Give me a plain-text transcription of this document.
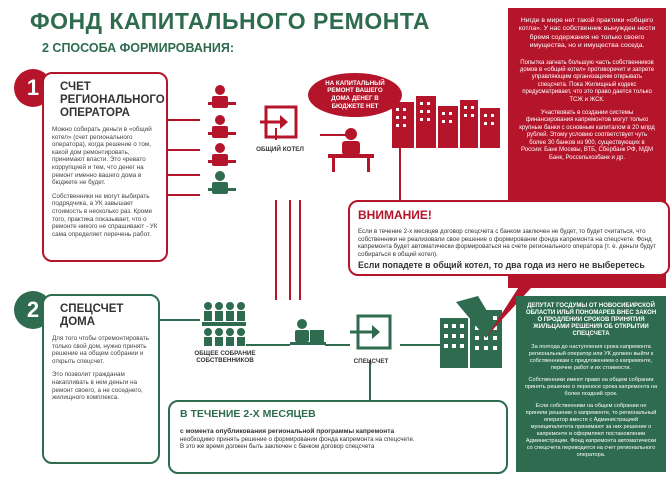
ФОНД КАПИТАЛЬНОГО РЕМОНТА
2 СПОСОБА ФОРМИРОВАНИЯ:
1	СЧЕТ РЕГИОНАЛЬНОГО ОПЕРАТОРА

Можно собирать деньги в «общий котел» (счет регионального оператора), когда решение о том, какой дом ремонтировать, принимают власти. Это чревато коррупцией и тем, что денег на ремонт именно вашего дома в бюджете не будет.

Собственники не могут выбирать подрядчика, а УК завышает стоимость в несколько раз. Кроме того, практика показывает, что о ремонте никого не спрашивают - УК сама определяет перечень работ.

ОБЩИЙ КОТЕЛ
НА КАПИТАЛЬНЫЙ РЕМОНТ ВАШЕГО ДОМА ДЕНЕГ В БЮДЖЕТЕ НЕТ

Нигде в мире нет такой практики «общего котла». У нас собственник вынужден нести бремя содержания не только своего имущества, но и имущества соседа.

Попытка загнать большую часть собственников домов в «общий котел» противоречит и запрете управляющим организациям открывать спецсчета. Пока Жилищный кодекс предусматривает, что это право дается только ТСЖ и ЖСК.

Участвовать в создании системы финансирования капремонтов могут только крупные банки с основным капиталом в 20 млрд рублей. Этому условию соответствует чуть более 30 банков из 900, существующих в России: Банк Москвы, ВТБ, Сбербанк РФ, МДМ Банк, Россельхозбанк и др.

ВНИМАНИЕ!

Если в течение 2-х месяцев договор спецсчета с банком заключен не будет, то будет считаться, что собственники не реализовали свое решение о формировании фонда капремонта на спецсчете. Фонд капремонта будет автоматически формироваться на счете регионального оператора (т. е. деньги будут собираться в общий котел).

Если попадете в общий котел, то два года из него не выберетесь

2	СПЕЦСЧЕТ ДОМА

Для того чтобы отремонтировать только свой дом, нужно принять решение на общем собрании и открыть спецсчет.

Это позволит гражданам накапливать в нем деньги на ремонт своего, а не соседнего, жилищного комплекса.

ОБЩЕЕ СОБРАНИЕ СОБСТВЕННИКОВ	СПЕЦСЧЕТ

ДЕПУТАТ ГОСДУМЫ ОТ НОВОСИБИРСКОЙ ОБЛАСТИ ИЛЬЯ ПОНОМАРЕВ ВНЕС ЗАКОН О ПРОДЛЕНИИ СРОКОВ ПРИНЯТИЯ ЖИЛЬЦАМИ РЕШЕНИЯ ОБ ОТКРЫТИИ СПЕЦСЧЕТА

За полгода до наступления срока капремонта региональный оператор или УК должен выйти к собственникам с предложением о капремонте, перечне работ и их стоимости.

Собственники имеют право на общем собрании принять решение о переносе срока капремонта на более поздний срок.

Если собственники на общем собрании не приняли решение о капремонте, то региональный оператор вместе с Администрацией муниципалитета принимают за них решение о капремонте и оформляют постановлении Администрации. Фонд капремонта автоматически со спецсчета переводится на счет регионального оператора.

В ТЕЧЕНИЕ 2-Х МЕСЯЦЕВ

с момента опубликования региональной программы капремонта

необходимо принять решение о формировании фонда капремонта на спецсчете.

В это же время должен быть заключен с банком договор спецсчета
